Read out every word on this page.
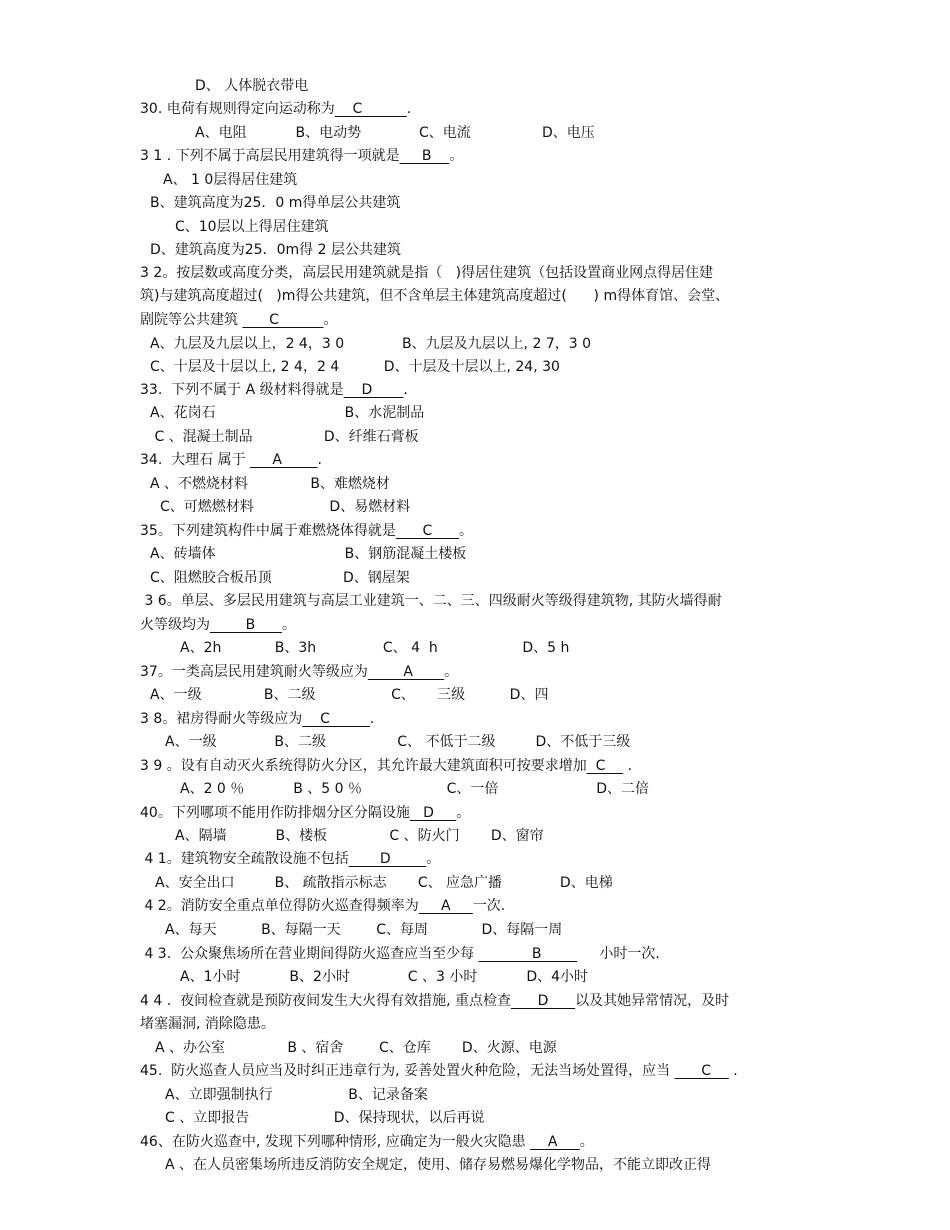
D、 人体脱衣带电
30. 电荷有规则得定向运动称为    C          .
A、电阻           B、电动势             C、电流                D、电压
3 1 . 下列不属于高层民用建筑得一项就是     B    。
A、 1 0层得居住建筑
B、建筑高度为25．0 m得单层公共建筑
C、10层以上得居住建筑
D、建筑高度为25．0m得 2 层公共建筑
3 2。按层数或高度分类，高层民用建筑就是指（   )得居住建筑（包括设置商业网点得居住建
筑)与建筑高度超过(   )m得公共建筑，但不含单层主体建筑高度超过(      ) m得体育馆、会堂、
剧院等公共建筑       C          。
A、九层及九层以上，2 4，3 0             B、九层及九层以上, 2 7，3 0
C、十层及十层以上, 2 4，2 4          D、十层及十层以上, 24, 30
33.  下列不属于 A 级材料得就是    D       .
A、花岗石                             B、水泥制品
C 、混凝土制品                D、纤维石膏板
34.  大理石 属于      A        .
A 、不燃烧材料              B、难燃烧材
C、可燃燃材料                 D、易燃材料
35。下列建筑构件中属于难燃烧体得就是      C      。
A、砖墙体                             B、钢筋混凝土楼板
C、阻燃胶合板吊顶                D、钢屋架
3 6。单层、多层民用建筑与高层工业建筑一、二、三、四级耐火等级得建筑物, 其防火墙得耐
火等级均为        B      。
A、2h            B、3h               C、 4  h                   D、5 h
37。一类高层民用建筑耐火等级应为        A       。
A、一级              B、二级                 C、     三级          D、四
3 8。裙房得耐火等级应为    C         .
A、一级             B、二级                C、 不低于二级         D、不低于三级
3 9 。设有自动灭火系统得防火分区，其允许最大建筑面积可按要求增加  C     .
A、2 0 ％           B 、5 0 ％                   C、一倍                      D、二倍
40。下列哪项不能用作防排烟分区分隔设施   D     。
A、隔墙           B、楼板              C 、防火门       D、窗帘
4 1。建筑物安全疏散设施不包括       D        。
A、安全出口         B、 疏散指示标志       C、 应急广播             D、电梯
4 2。消防安全重点单位得防火巡查得频率为     A     一次.
A、每天          B、每隔一天        C、每周            D、每隔一周
4 3.  公众聚焦场所在营业期间得防火巡查应当至少每             B             小时一次.
A、1小时           B、2小时             C 、3 小时           D、4小时
4 4 .  夜间检查就是预防夜间发生大火得有效措施, 重点检查      D      以及其她异常情况，及时
堵塞漏洞, 消除隐患。
A 、办公室              B 、宿舍        C、仓库       D、火源、电源
45.  防火巡查人员应当及时纠正违章行为, 妥善处置火种危险，无法当场处置得，应当       C     .
A、立即强制执行                 B、记录备案
C 、立即报告                   D、保持现状，以后再说
46、在防火巡查中, 发现下列哪种情形, 应确定为一般火灾隐患     A     。
A 、在人员密集场所违反消防安全规定，使用、储存易燃易爆化学物品，不能立即改正得
